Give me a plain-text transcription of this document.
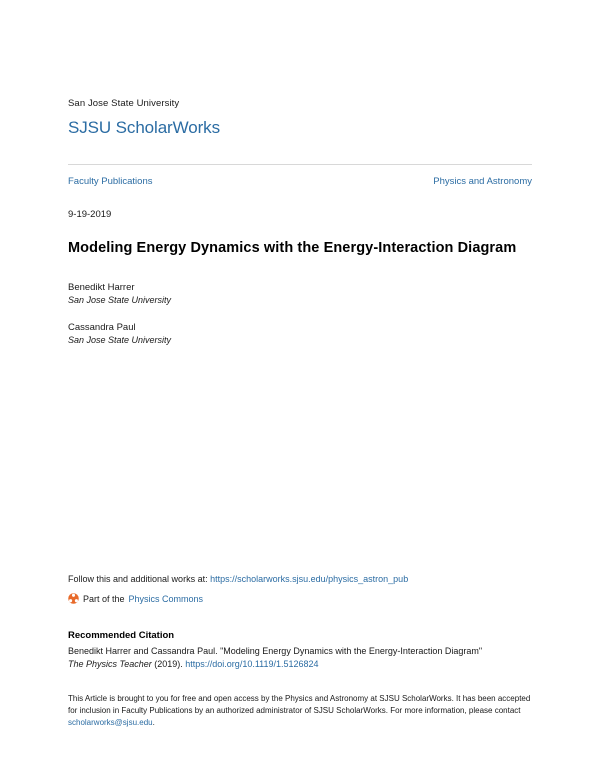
San Jose State University
SJSU ScholarWorks
Faculty Publications	Physics and Astronomy
9-19-2019
Modeling Energy Dynamics with the Energy-Interaction Diagram
Benedikt Harrer
San Jose State University
Cassandra Paul
San Jose State University
Follow this and additional works at: https://scholarworks.sjsu.edu/physics_astron_pub
Part of the Physics Commons
Recommended Citation
Benedikt Harrer and Cassandra Paul. "Modeling Energy Dynamics with the Energy-Interaction Diagram"
The Physics Teacher (2019). https://doi.org/10.1119/1.5126824
This Article is brought to you for free and open access by the Physics and Astronomy at SJSU ScholarWorks. It has been accepted for inclusion in Faculty Publications by an authorized administrator of SJSU ScholarWorks. For more information, please contact scholarworks@sjsu.edu.
